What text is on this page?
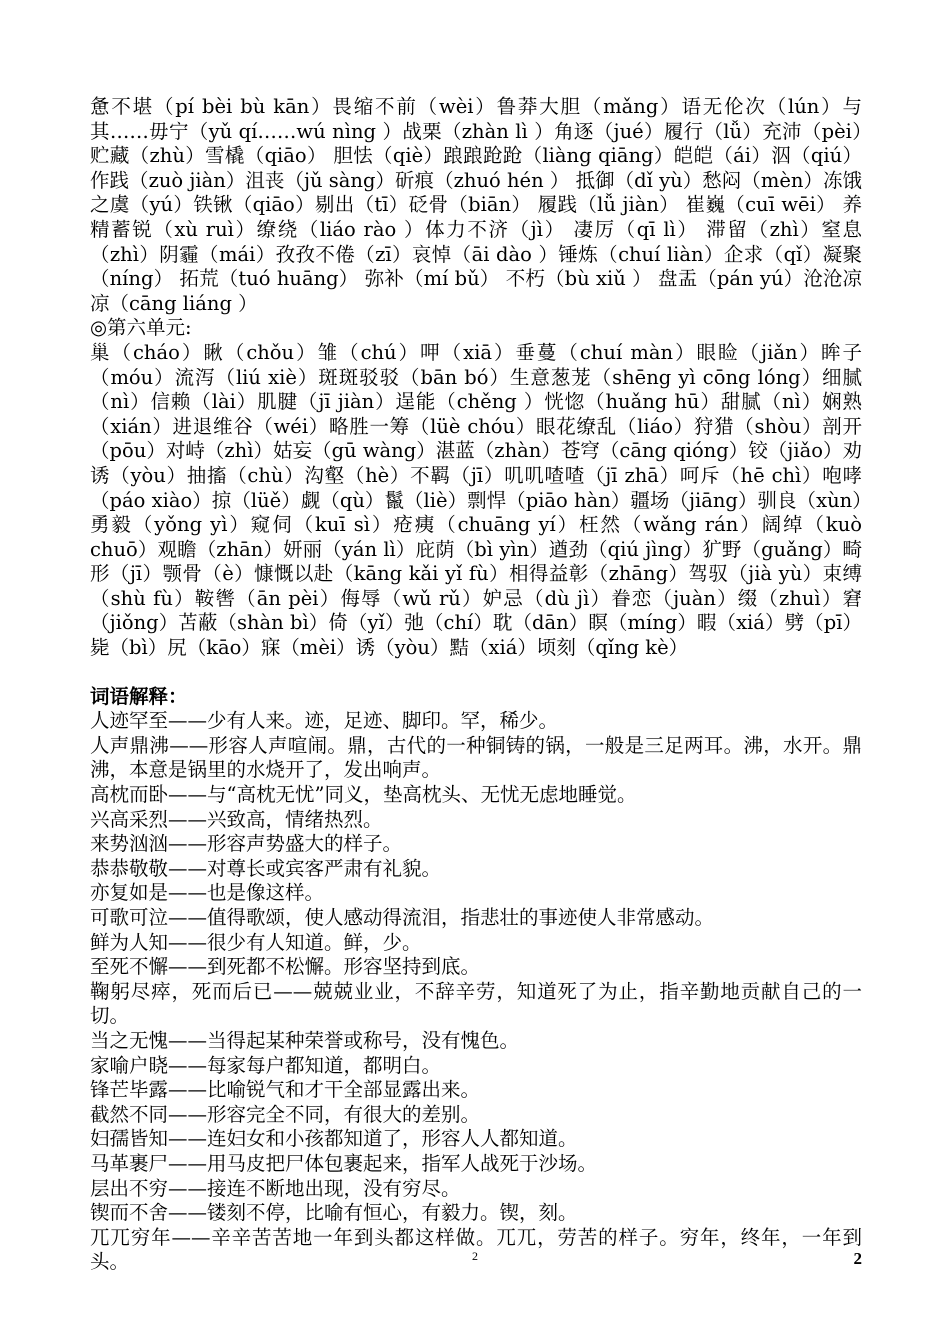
惫不堪（pí bèi bù kān）畏缩不前（wèi）鲁莽大胆（mǎng）语无伦次（lún）与其……毋宁（yǔ qí……wú nìng ）战栗（zhàn lì ）角逐（jué）履行（lǚ）充沛（pèi）贮藏（zhù）雪橇（qiāo） 胆怯（qiè）踉踉跄跄（liàng qiāng）皑皑（ái）泅（qiú）作践（zuò jiàn）沮丧（jǔ sàng）斫痕（zhuó hén ） 抵御（dǐ yù）愁闷（mèn）冻饿之虞（yú）铁锹（qiāo）剔出（tī）砭骨（biān） 履践（lǚ jiàn） 崔巍（cuī wēi） 养精蓄锐（xù ruì）缭绕（liáo rào ）体力不济（jì） 凄厉（qī lì） 滞留（zhì）窒息（zhì）阴霾（mái）孜孜不倦（zī）哀悼（āi dào ）锤炼（chuí liàn）企求（qǐ）凝聚（níng） 拓荒（tuó huāng） 弥补（mí bǔ） 不朽（bù xiǔ ） 盘盂（pán yú）沧沧凉凉（cāng liáng ）

◎第六单元:

巢（cháo）瞅（chǒu）雏（chú）呷（xiā）垂蔓（chuí màn）眼睑（jiǎn）眸子（móu）流泻（liú xiè）斑斑驳驳（bān bó）生意葱茏（shēng yì cōng lóng）细腻（nì）信赖（lài）肌腱（jī jiàn）逞能（chěng ）恍惚（huǎng hū）甜腻（nì）娴熟（xián）进退维谷（wéi）略胜一筹（lüè chóu）眼花缭乱（liáo）狩猎（shòu）剖开（pōu）对峙（zhì）姑妄（gū wàng）湛蓝（zhàn）苍穹（cāng qióng）铰（jiǎo）劝诱（yòu）抽搐（chù）沟壑（hè）不羁（jī）叽叽喳喳（jī zhā）呵斥（hē chì）咆哮（páo xiào）掠（lüě）觑（qù）鬣（liè）剽悍（piāo hàn）疆场（jiāng）驯良（xùn）勇毅（yǒng yì）窥伺（kuī sì）疮痍（chuāng yí）枉然（wǎng rán）阔绰（kuò chuō）观瞻（zhān）妍丽（yán lì）庇荫（bì yìn）遒劲（qiú jìng）犷野（guǎng）畸形（jī）颚骨（è）慷慨以赴（kāng kǎi yǐ fù）相得益彰（zhāng）驾驭（jià yù）束缚（shù fù）鞍辔（ān pèi）侮辱（wǔ rǔ）妒忌（dù jì）眷恋（juàn）缀（zhuì）窘（jiǒng）苫蔽（shàn bì）倚（yǐ）弛（chí）耽（dān）瞑（míng）暇（xiá）劈（pī）毙（bì）尻（kāo）寐（mèi）诱（yòu）黠（xiá）顷刻（qǐng kè）

词语解释：

人迹罕至——少有人来。迹，足迹、脚印。罕，稀少。

人声鼎沸——形容人声喧闹。鼎，古代的一种铜铸的锅，一般是三足两耳。沸，水开。鼎沸，本意是锅里的水烧开了，发出响声。

高枕而卧——与“高枕无忧”同义，垫高枕头、无忧无虑地睡觉。

兴高采烈——兴致高，情绪热烈。

来势汹汹——形容声势盛大的样子。

恭恭敬敬——对尊长或宾客严肃有礼貌。

亦复如是——也是像这样。

可歌可泣——值得歌颂，使人感动得流泪，指悲壮的事迹使人非常感动。

鲜为人知——很少有人知道。鲜，少。

至死不懈——到死都不松懈。形容坚持到底。

鞠躬尽瘁，死而后已——兢兢业业，不辞辛劳，知道死了为止，指辛勤地贡献自己的一切。

当之无愧——当得起某种荣誉或称号，没有愧色。

家喻户晓——每家每户都知道，都明白。

锋芒毕露——比喻锐气和才干全部显露出来。

截然不同——形容完全不同，有很大的差别。

妇孺皆知——连妇女和小孩都知道了，形容人人都知道。

马革裹尸——用马皮把尸体包裹起来，指军人战死于沙场。

层出不穷——接连不断地出现，没有穷尽。

锲而不舍——镂刻不停，比喻有恒心，有毅力。锲，刻。

兀兀穷年——辛辛苦苦地一年到头都这样做。兀兀，劳苦的样子。穷年，终年，一年到头。	2	2
